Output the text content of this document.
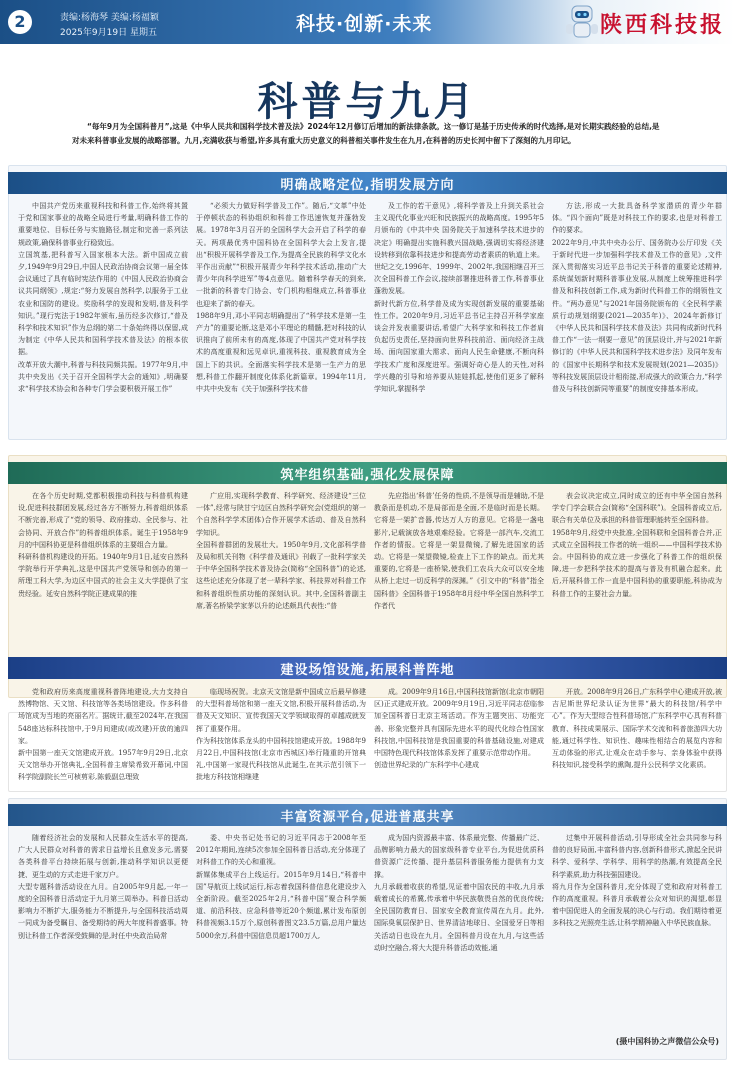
2	责编:杨海琴 美编:杨福颖
2025年9月19日 星期五	科技·创新·未来	陕西科技报
科普与九月
“每年9月为全国科普月”,这是《中华人民共和国科学技术普及法》2024年12月修订后增加的新法律条款。这一修订是基于历史传承的时代选择,是对长期实践经验的总结,是对未来科普事业发展的战略部署。九月,充满收获与希望,许多具有重大历史意义的科普相关事件发生在九月,在科普的历史长河中留下了深刻的九月印记。
明确战略定位,指明发展方向
中国共产党历来重视科技和科普工作,始终将其置于党和国家事业的战略全局进行考量,明确科普工作的重要地位、目标任务与实施路径,制定和完善一系列法规政策,确保科普事业行稳致远。
立国筑基,把科普写入国家根本大法。新中国成立前夕,1949年9月29日,中国人民政治协商会议第一届全体会议通过了具有临时宪法作用的《中国人民政治协商会议共同纲领》,规定:“努力发展自然科学,以服务于工业农业和国防的建设。奖励科学的发现和发明,普及科学知识。”现行宪法于1982年颁布,虽历经多次修订,“普及科学和技术知识”作为总纲的第二十条始终得以保留,成为制定《中华人民共和国科学技术普及法》的根本依据。
改革开放大潮中,科普与科技同频共振。1977年9月,中共中央发出《关于召开全国科学大会的通知》,明确要求“科学技术协会和各种专门学会要积极开展工作”
“必须大力做好科学普及工作”。随后,“文革”中处于停顿状态的科协组织和科普工作迅速恢复并蓬勃发展。1978年3月召开的全国科学大会开启了科学的春天。两项最优秀中国科协在全国科学大会上发言,提出“积极开展科学普及工作,为提高全民族的科学文化水平作出贡献”“积极开展青少年科学技术活动,推动广大青少年向科学进军”等4点意见。随着科学春天的到来,一批新的科普专门协会、专门机构相继成立,科普事业也迎来了新的春天。
1988年9月,邓小平同志明确提出了“科学技术是第一生产力”的重要论断,这是邓小平理论的精髓,把对科技的认识推向了前所未有的高度,体现了中国共产党对科学技术的高度重视和远见卓识,重视科技、重视教育成为全国上下的共识。全面落实科学技术是第一生产力的思想,科普工作翻开制度化体系化新篇章。1994年11月,中共中央发布《关于加强科学技术普
及工作的若干意见》,将科学普及上升到关系社会主义现代化事业兴旺和民族振兴的战略高度。1995年5月颁布的《中共中央 国务院关于加速科学技术进步的决定》明确提出实施科教兴国战略,强调切实将经济建设转移到依靠科技进步和提高劳动者素质的轨道上来。世纪之交,1996年、1999年、2002年,我国相继召开三次全国科普工作会议,接续部署推进科普工作,科普事业蓬勃发展。
新时代新方位,科学普及成为实现创新发展的重要基础性工作。2020年9月,习近平总书记主持召开科学家座谈会并发表重要讲话,希望广大科学家和科技工作者肩负起历史责任,坚持面向世界科技前沿、面向经济主战场、面向国家重大需求、面向人民生命健康,不断向科学技术广度和深度进军。强调好奇心是人的天性,对科学兴趣的引导和培养要从娃娃抓起,使他们更多了解科学知识,掌握科学
方法,形成一大批具备科学家潜质的青少年群体。“四个面向”既是对科技工作的要求,也是对科普工作的要求。
2022年9月,中共中央办公厅、国务院办公厅印发《关于新时代进一步加强科学技术普及工作的意见》,文件深入贯彻落实习近平总书记关于科普的重要论述精神,系统谋划新时期科普事业发展,从制度上统筹推进科学普及和科技创新工作,成为新时代科普工作的纲领性文件。“两办意见”与2021年国务院颁布的《全民科学素质行动规划纲要(2021—2035年)》、2024年新修订《中华人民共和国科学技术普及法》共同构成新时代科普工作“一法一纲要一意见”的顶层设计,并与2021年新修订的《中华人民共和国科学技术进步法》及同年发布的《国家中长期科学和技术发展规划(2021—2035)》等科技发展顶层设计相衔接,形成强大的政策合力,“科学普及与科技创新同等重要”的制度安排基本形成。
筑牢组织基础,强化发展保障
在各个历史时期,党都积极推动科技与科普机构建设,促进科技群团发展,经过各方不断努力,科普组织体系不断完善,形成了“党的领导、政府推动、全民参与、社会协同、开放合作”的科普组织体系。诞生于1958年9月的中国科协更是科普组织体系的主要组合力量。
科研科普机构建设的开拓。1940年9月1日,延安自然科学院举行开学典礼,这是中国共产党领导和创办的第一所理工科大学,为边区中国式的社会主义大学提供了宝贵经验。延安自然科学院正建成果的推
广应用,实现科学教育、科学研究、经济建设“三位一体”,经常与陕甘宁边区自然科学研究会(党组织的第一个自然科学学术团体)合作开展学术活动、普及自然科学知识。
全国科普群团的发展壮大。1950年9月,文化部科学普及局和机关刊物《科学普及通讯》刊载了一批科学家关于中华全国科学技术普及协会(简称“全国科普”)的论述,这些论述充分体现了老一辈科学家、科技界对科普工作和科普组织性质功能的深刻认识。其中,全国科普副主席,著名桥梁学家茅以升的论述颇具代表性:“普
先应指出‘科普’任务的性质,不是领导而是辅助,不是教条而是机动,不是局部而是全面,不是临时而是长期。它将是一架扩音器,传达万人方的意见。它将是一盏电影片,记载演放各地艰难经验。它将是一部汽车,交流工作者的情报。它将是一架显微镜,了解先进国家的活动。它将是一架望微镜,检查上下工作的缺点。而尤其重要的,它将是一座桥梁,使我们工农兵大众可以安全地从桥上走过一切反科学的深渊。”《引文中的“科普”指全国科普》全国科普于1958年8月经中华全国自然科学工作者代
表会议决定成立,同时成立的还有中华全国自然科学专门学会联合会(简称“全国科联”)。全国科普成立后,联合有关单位及承担的科普管理职能转至全国科普。
1958年9月,经党中央批准,全国科联和全国科普合并,正式成立全国科技工作者的统一组织——中国科学技术协会。中国科协的成立进一步强化了科普工作的组织保障,进一步把科学技术的提高与普及有机融合起来。此后,开展科普工作一直是中国科协的重要职能,科协成为科普工作的主要社会力量。
建设场馆设施,拓展科普阵地
党和政府历来高度重视科普阵地建设,大力支持自然博物馆、天文馆、科技馆等各类场馆建设。作多科普场馆成为当地的亮丽名片。据统计,截至2024年,在我国548座达标科技馆中,于9月间建成(或改建)开放的逾四家。
新中国第一座天文馆建成开放。1957年9月29日,北京天文馆举办开馆典礼,全国科普主席梁希致开幕词,中国科学院副院长竺可桢剪彩,陈毅副总理致
临现场祝贺。北京天文馆是新中国成立后最早修建的大型科普场馆和第一座天文馆,积极开展科普活动,为普及天文知识、宣传我国天文学领域取得的卓越成就发挥了重要作用。
作为科技馆体系龙头的中国科技馆建成开放。1988年9月22日,中国科技馆(北京市西城区)举行隆重的开馆典礼,中国第一家现代科技馆从此诞生,在其示范引领下一批地方科技馆相继建
成。2009年9月16日,中国科技馆新馆(北京市朝阳区)正式建成开放。2009年9月19日,习近平同志莅临参加全国科普日北京主场活动。作为主题突出、功能完善、形象完整并具有国际先进水平的现代化综合性国家科技馆,中国科技馆是我国重要的科普基础设施,对建成中国特色现代科技馆体系发挥了重要示范带动作用。
创造世界纪录的广东科学中心建成
开放。2008年9月26日,广东科学中心建成开放,被吉尼斯世界纪录认证为世界“最大的科技馆/科学中心”。作为大型综合性科普场馆,广东科学中心具有科普教育、科技成果展示、国际学术交流和科普旅游四大功能,通过科学性、知识性、趣味性相结合的展览内容和互动体验的形式,让观众在动手参与、亲身体验中获得科技知识,接受科学的熏陶,提升公民科学文化素质。
丰富资源平台,促进普惠共享
随着经济社会的发展和人民群众生活水平的提高,广大人民群众对科普的需求日益增长且愈发多元,需要各类科普平台持续拓展与创新,推动科学知识以更便捷、更生动的方式走进千家万户。
大型专题科普活动设在九月。自2005年9月起,一年一度的全国科普日活动定于九月第三周举办。科普日活动影响力不断扩大,服务能力不断提升,与全国科技活动周一同成为备受瞩目、备受期待的两大年度科普盛事。特别让科普工作者深受鼓舞的是,时任中央政治局常
委、中央书记处书记的习近平同志于2008年至2012年期间,连续5次参加全国科普日活动,充分体现了对科普工作的关心和重视。
新媒体集成平台上线运行。2015年9月14日,“科普中国”导航页上线试运行,标志着我国科普信息化建设步入全新阶段。截至2025年2月,“科普中国”聚合科学频道、前沿科技、应急科普等近20个频道,累计发布原创科普视频3.15万个,原创科普图文23.5万篇,总用户量达5000余万,科普中国信息员超1700万人,
成为国内资源最丰富、体系最完整、传播最广泛、品牌影响力最大的国家级科普专业平台,为促进优质科普资源广泛传播、提升基层科普服务能力提供有力支撑。
九月承载着收获的希望,见证着中国农民的丰收,九月承载着成长的希冀,传承着中华民族敬畏自然的优良传统;全民国防教育日、国家安全教育宣传周在九月。此外,国际臭氧层保护日、世界清洁地球日、全国爱牙日等相关活动日也设在九月。全国科普月设在九月,与这些活动时空融合,将大大提升科普活动效能,通
过集中开展科普活动,引导形成全社会共同参与科普的良好局面,丰富科普内容,创新科普形式,掀起全民讲科学、爱科学、学科学、用科学的热潮,有效提高全民科学素质,助力科技强国建设。
将九月作为全国科普月,充分体现了党和政府对科普工作的高度重视。科普月承载着公众对知识的渴望,彰显着中国促进人的全面发展的决心与行动。我们期待着更多科技之光照亮生活,让科学精神融入中华民族血脉。
(摄中国科协之声微信公众号)
